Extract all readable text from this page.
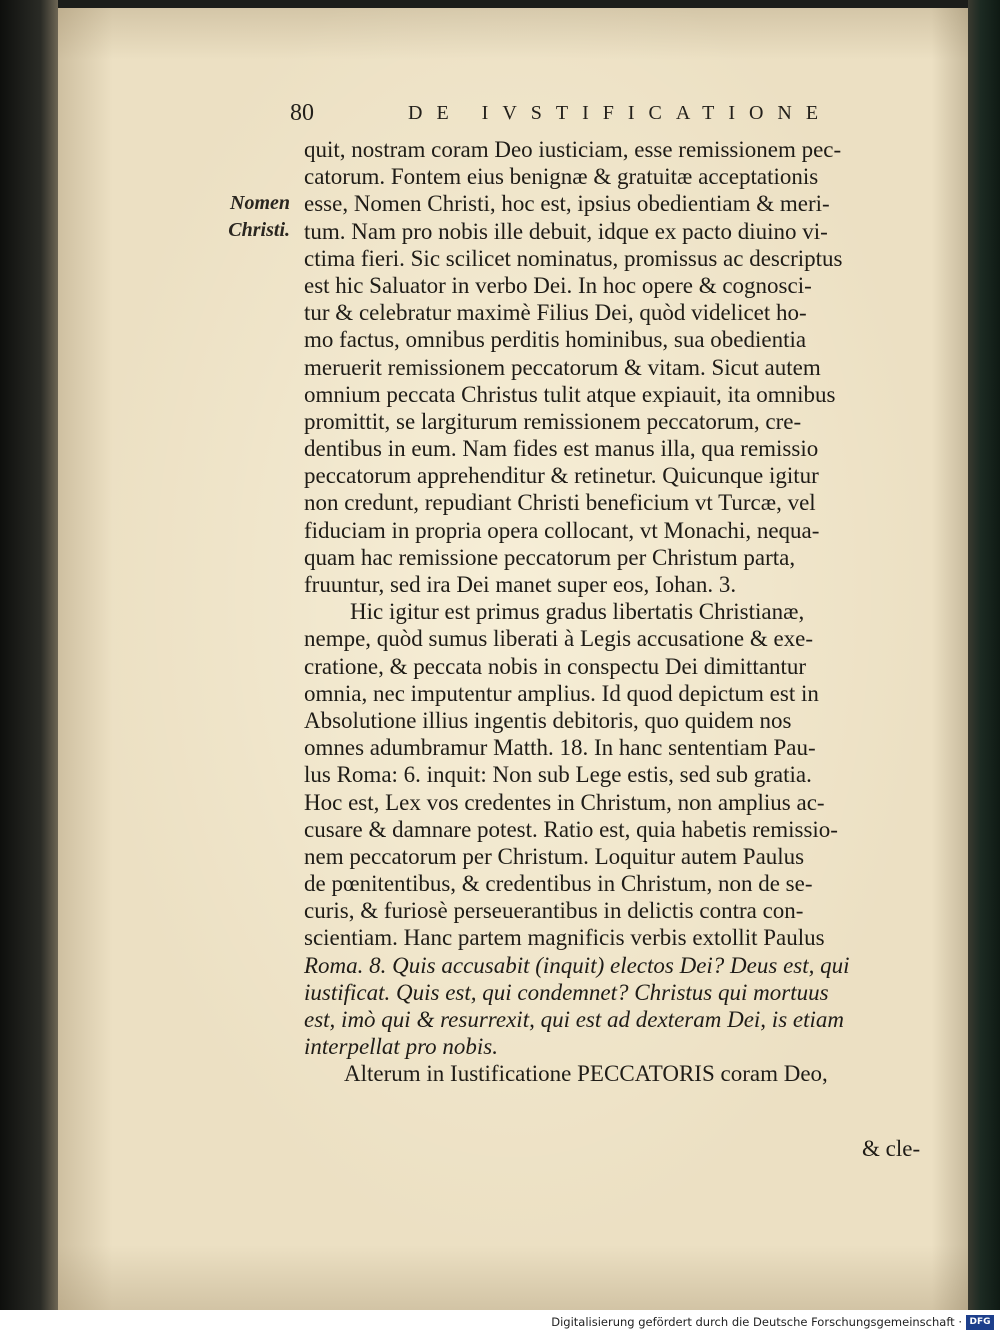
80	DE IVSTIFICATIONE
Nomen
Christi.
quit, nostram coram Deo iusticiam, esse remissionem pec-
catorum. Fontem eius benignæ & gratuitæ acceptationis
esse, Nomen Christi, hoc est, ipsius obedientiam & meri-
tum. Nam pro nobis ille debuit, idque ex pacto diuino vi-
ctima fieri. Sic scilicet nominatus, promissus ac descriptus
est hic Saluator in verbo Dei. In hoc opere & cognosci-
tur & celebratur maximè Filius Dei, quòd videlicet ho-
mo factus, omnibus perditis hominibus, sua obedientia
meruerit remissionem peccatorum & vitam. Sicut autem
omnium peccata Christus tulit atque expiauit, ita omnibus
promittit, se largiturum remissionem peccatorum, cre-
dentibus in eum. Nam fides est manus illa, qua remissio
peccatorum apprehenditur & retinetur. Quicunque igitur
non credunt, repudiant Christi beneficium vt Turcæ, vel
fiduciam in propria opera collocant, vt Monachi, nequa-
quam hac remissione peccatorum per Christum parta,
fruuntur, sed ira Dei manet super eos, Iohan. 3.
Hic igitur est primus gradus libertatis Christianæ,
nempe, quòd sumus liberati à Legis accusatione & exe-
cratione, & peccata nobis in conspectu Dei dimittantur
omnia, nec imputentur amplius. Id quod depictum est in
Absolutione illius ingentis debitoris, quo quidem nos
omnes adumbramur Matth. 18. In hanc sententiam Pau-
lus Roma: 6. inquit: Non sub Lege estis, sed sub gratia.
Hoc est, Lex vos credentes in Christum, non amplius ac-
cusare & damnare potest. Ratio est, quia habetis remissio-
nem peccatorum per Christum. Loquitur autem Paulus
de pœnitentibus, & credentibus in Christum, non de se-
curis, & furiosè perseuerantibus in delictis contra con-
scientiam. Hanc partem magnificis verbis extollit Paulus
Roma. 8. Quis accusabit (inquit) electos Dei? Deus est, qui
iustificat. Quis est, qui condemnet? Christus qui mortuus
est, imò qui & resurrexit, qui est ad dexteram Dei, is etiam
interpellat pro nobis.
Alterum in Iustificatione PECCATORIS coram Deo,
& cle-
Digitalisierung gefördert durch die Deutsche Forschungsgemeinschaft · DFG
